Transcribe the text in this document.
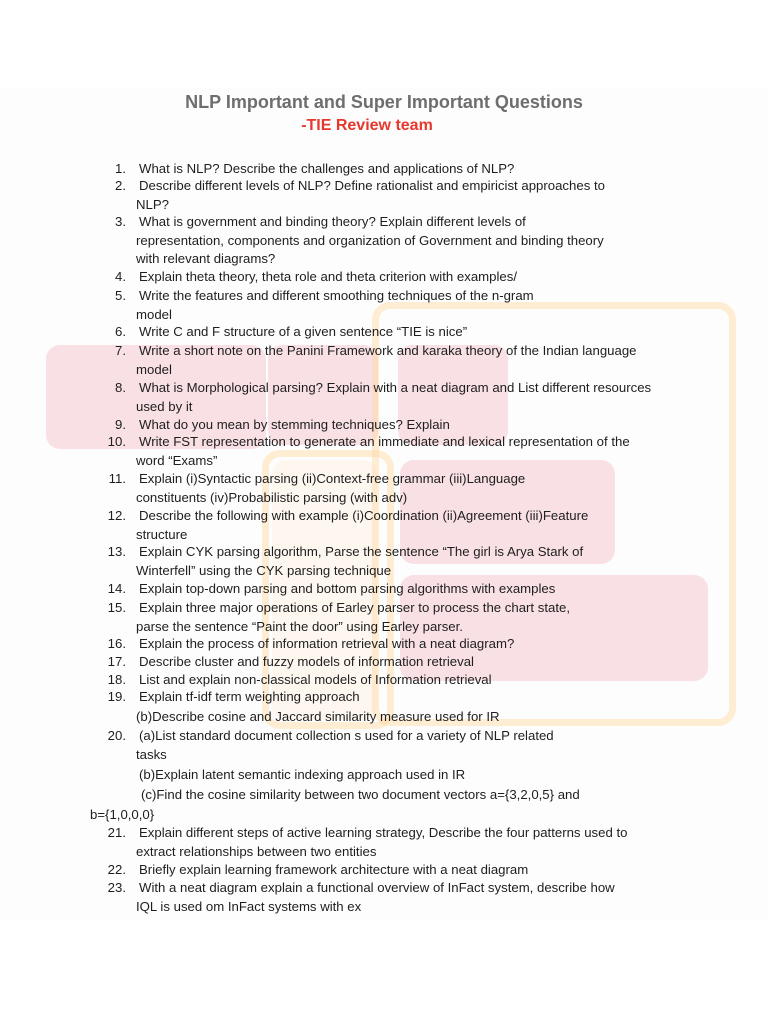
NLP Important and Super Important Questions
-TIE Review team
1. What is NLP? Describe the challenges and applications of NLP?
2. Describe different levels of NLP? Define rationalist and empiricist approaches to
NLP?
3. What is government and binding theory? Explain different levels of
representation, components and organization of Government and binding theory
with relevant diagrams?
4. Explain theta theory, theta role and theta criterion with examples/
5. Write the features and different smoothing techniques of the n-gram
model
6. Write C and F structure of a given sentence “TIE is nice”
7. Write a short note on the Panini Framework and karaka theory of the Indian language
model
8. What is Morphological parsing? Explain with a neat diagram and List different resources
used by it
9. What do you mean by stemming techniques? Explain
10. Write FST representation to generate an immediate and lexical representation of the
word “Exams”
11. Explain (i)Syntactic parsing (ii)Context-free grammar (iii)Language
constituents (iv)Probabilistic parsing (with adv)
12. Describe the following with example (i)Coordination (ii)Agreement (iii)Feature
structure
13. Explain CYK parsing algorithm, Parse the sentence “The girl is Arya Stark of
Winterfell” using the CYK parsing technique
14. Explain top-down parsing and bottom parsing algorithms with examples
15. Explain three major operations of Earley parser to process the chart state,
parse the sentence “Paint the door” using Earley parser.
16. Explain the process of information retrieval with a neat diagram?
17. Describe cluster and fuzzy models of information retrieval
18. List and explain non-classical models of Information retrieval
19. Explain tf-idf term weighting approach
(b)Describe cosine and Jaccard similarity measure used for IR
20. (a)List standard document collection s used for a variety of NLP related
tasks
(b)Explain latent semantic indexing approach used in IR
(c)Find the cosine similarity between two document vectors a={3,2,0,5} and
b={1,0,0,0}
21. Explain different steps of active learning strategy, Describe the four patterns used to
extract relationships between two entities
22. Briefly explain learning framework architecture with a neat diagram
23. With a neat diagram explain a functional overview of InFact system, describe how
IQL is used om InFact systems with ex
